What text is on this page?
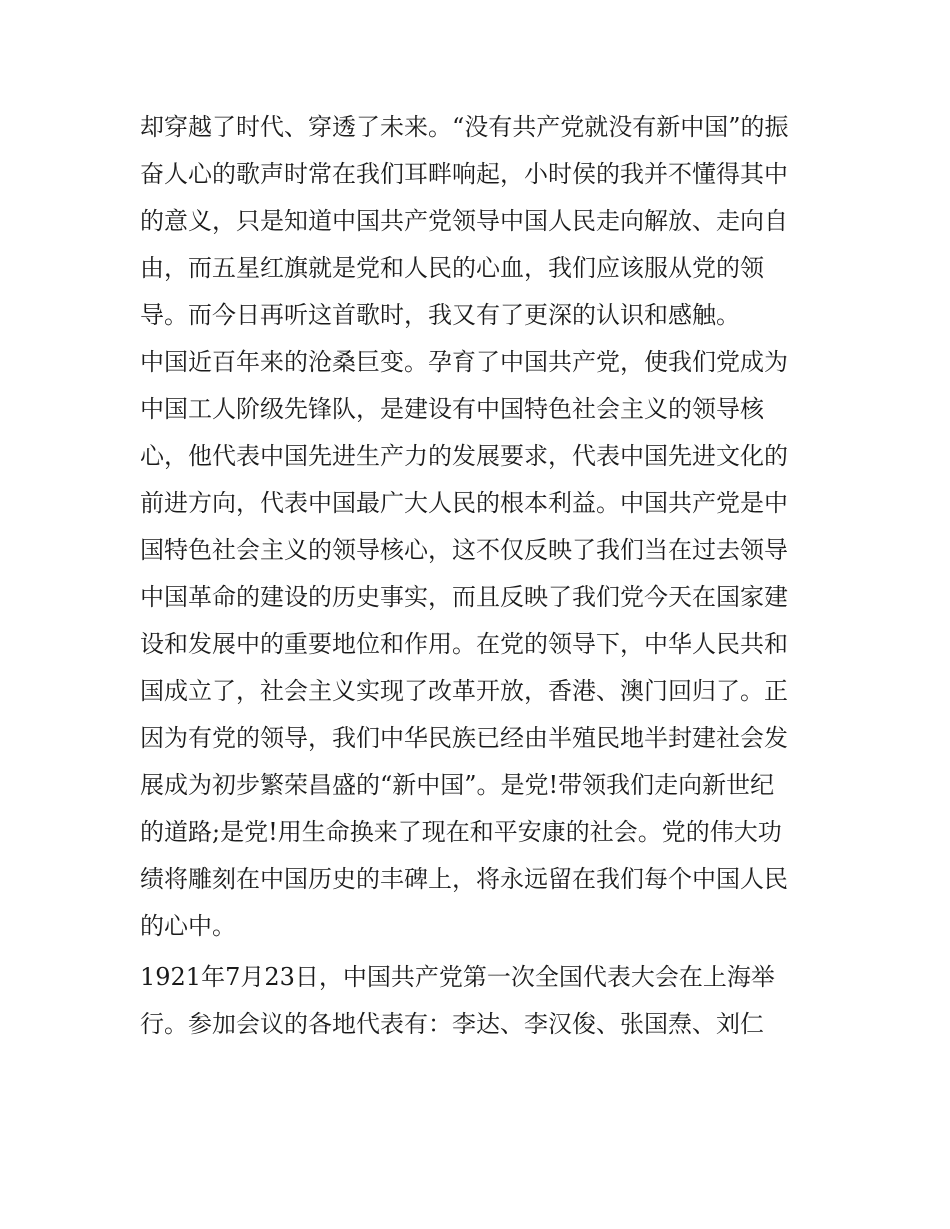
却穿越了时代、穿透了未来。“没有共产党就没有新中国”的振
奋人心的歌声时常在我们耳畔响起，小时侯的我并不懂得其中
的意义，只是知道中国共产党领导中国人民走向解放、走向自
由，而五星红旗就是党和人民的心血，我们应该服从党的领
导。而今日再听这首歌时，我又有了更深的认识和感触。
中国近百年来的沧桑巨变。孕育了中国共产党，使我们党成为
中国工人阶级先锋队，是建设有中国特色社会主义的领导核
心，他代表中国先进生产力的发展要求，代表中国先进文化的
前进方向，代表中国最广大人民的根本利益。中国共产党是中
国特色社会主义的领导核心，这不仅反映了我们当在过去领导
中国革命的建设的历史事实，而且反映了我们党今天在国家建
设和发展中的重要地位和作用。在党的领导下，中华人民共和
国成立了，社会主义实现了改革开放，香港、澳门回归了。正
因为有党的领导，我们中华民族已经由半殖民地半封建社会发
展成为初步繁荣昌盛的“新中国”。是党!带领我们走向新世纪
的道路;是党!用生命换来了现在和平安康的社会。党的伟大功
绩将雕刻在中国历史的丰碑上，将永远留在我们每个中国人民
的心中。
1921年7月23日，中国共产党第一次全国代表大会在上海举
行。参加会议的各地代表有：李达、李汉俊、张国焘、刘仁
